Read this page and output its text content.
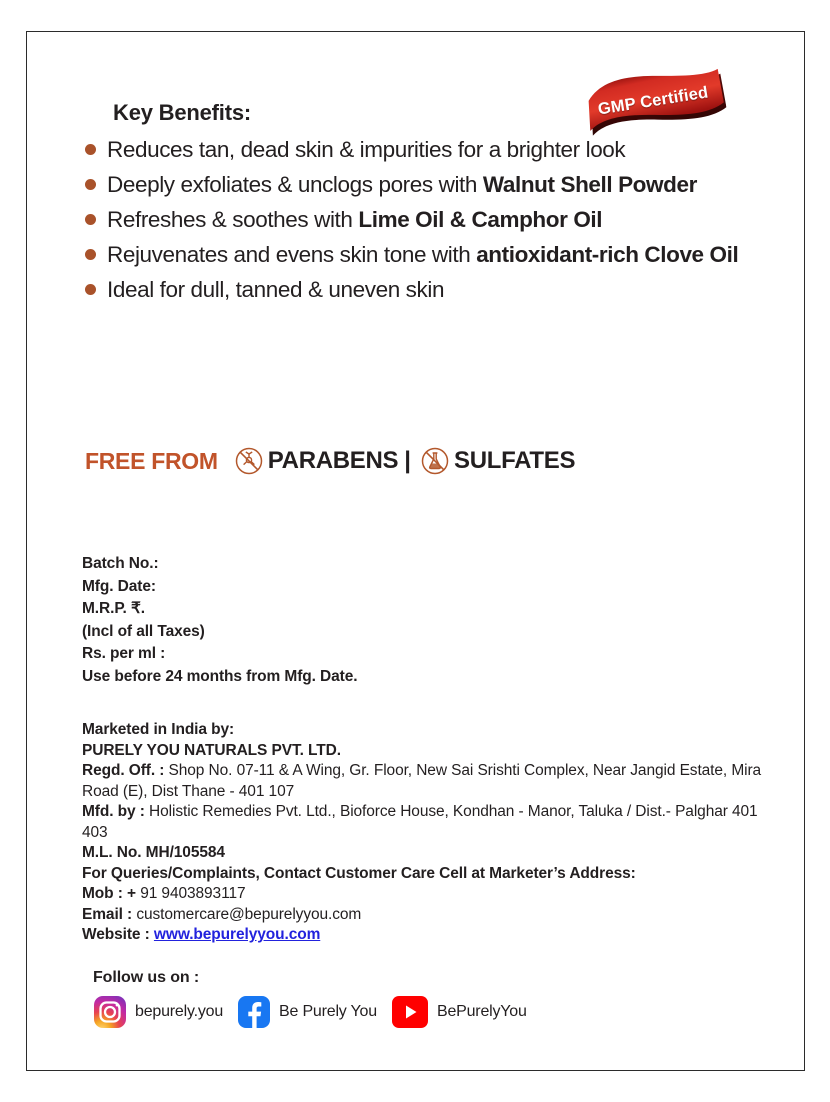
GMP Certified
Key Benefits:
Reduces tan, dead skin & impurities for a brighter look
Deeply exfoliates & unclogs pores with Walnut Shell Powder
Refreshes & soothes with Lime Oil & Camphor Oil
Rejuvenates and evens skin tone with antioxidant-rich Clove Oil
Ideal for dull, tanned & uneven skin
FREE FROM PARABENS | SULFATES
Batch No.:
Mfg. Date:
M.R.P. ₹.
(Incl of all Taxes)
Rs. per ml :
Use before 24 months from Mfg. Date.

Marketed in India by:

PURELY YOU NATURALS PVT. LTD.

Regd. Off. : Shop No. 07-11 & A Wing, Gr. Floor, New Sai Srishti Complex, Near Jangid Estate, Mira Road (E), Dist Thane - 401 107

Mfd. by : Holistic Remedies Pvt. Ltd., Bioforce House, Kondhan - Manor, Taluka / Dist.- Palghar 401 403

M.L. No. MH/105584

For Queries/Complaints, Contact Customer Care Cell at Marketer’s Address:

Mob : + 91 9403893117

Email : customercare@bepurelyyou.com

Website : www.bepurelyyou.com

Follow us on :
bepurely.you	Be Purely You	BePurelyYou
